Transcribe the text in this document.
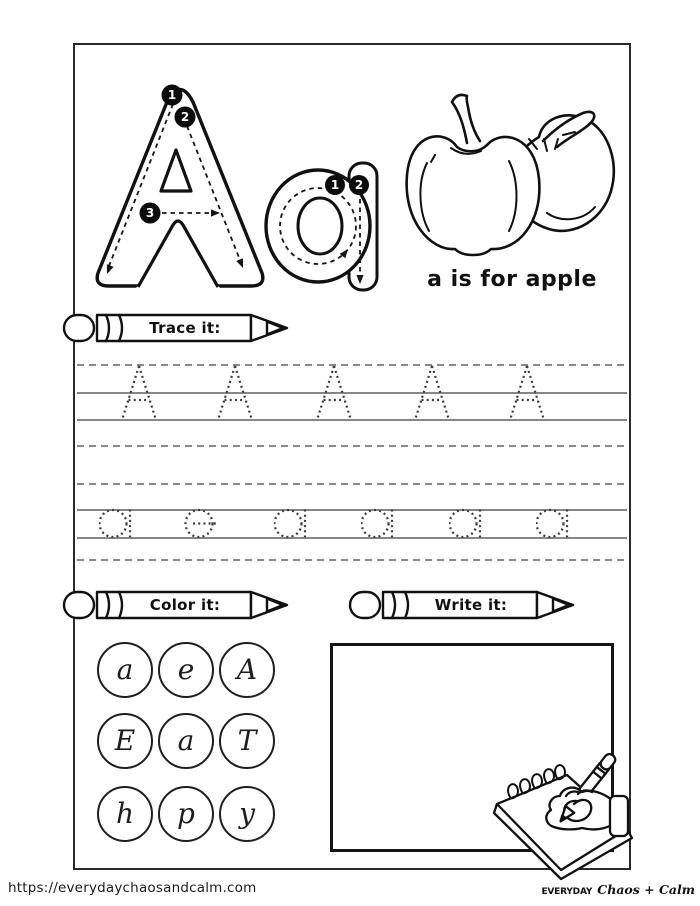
1
2
3
1 2
a is for apple
Trace it:
Color it:	Write it:
a e A
E a T
h p y
https://everydaychaosandcalm.com	EVERYDAY Chaos + Calm
